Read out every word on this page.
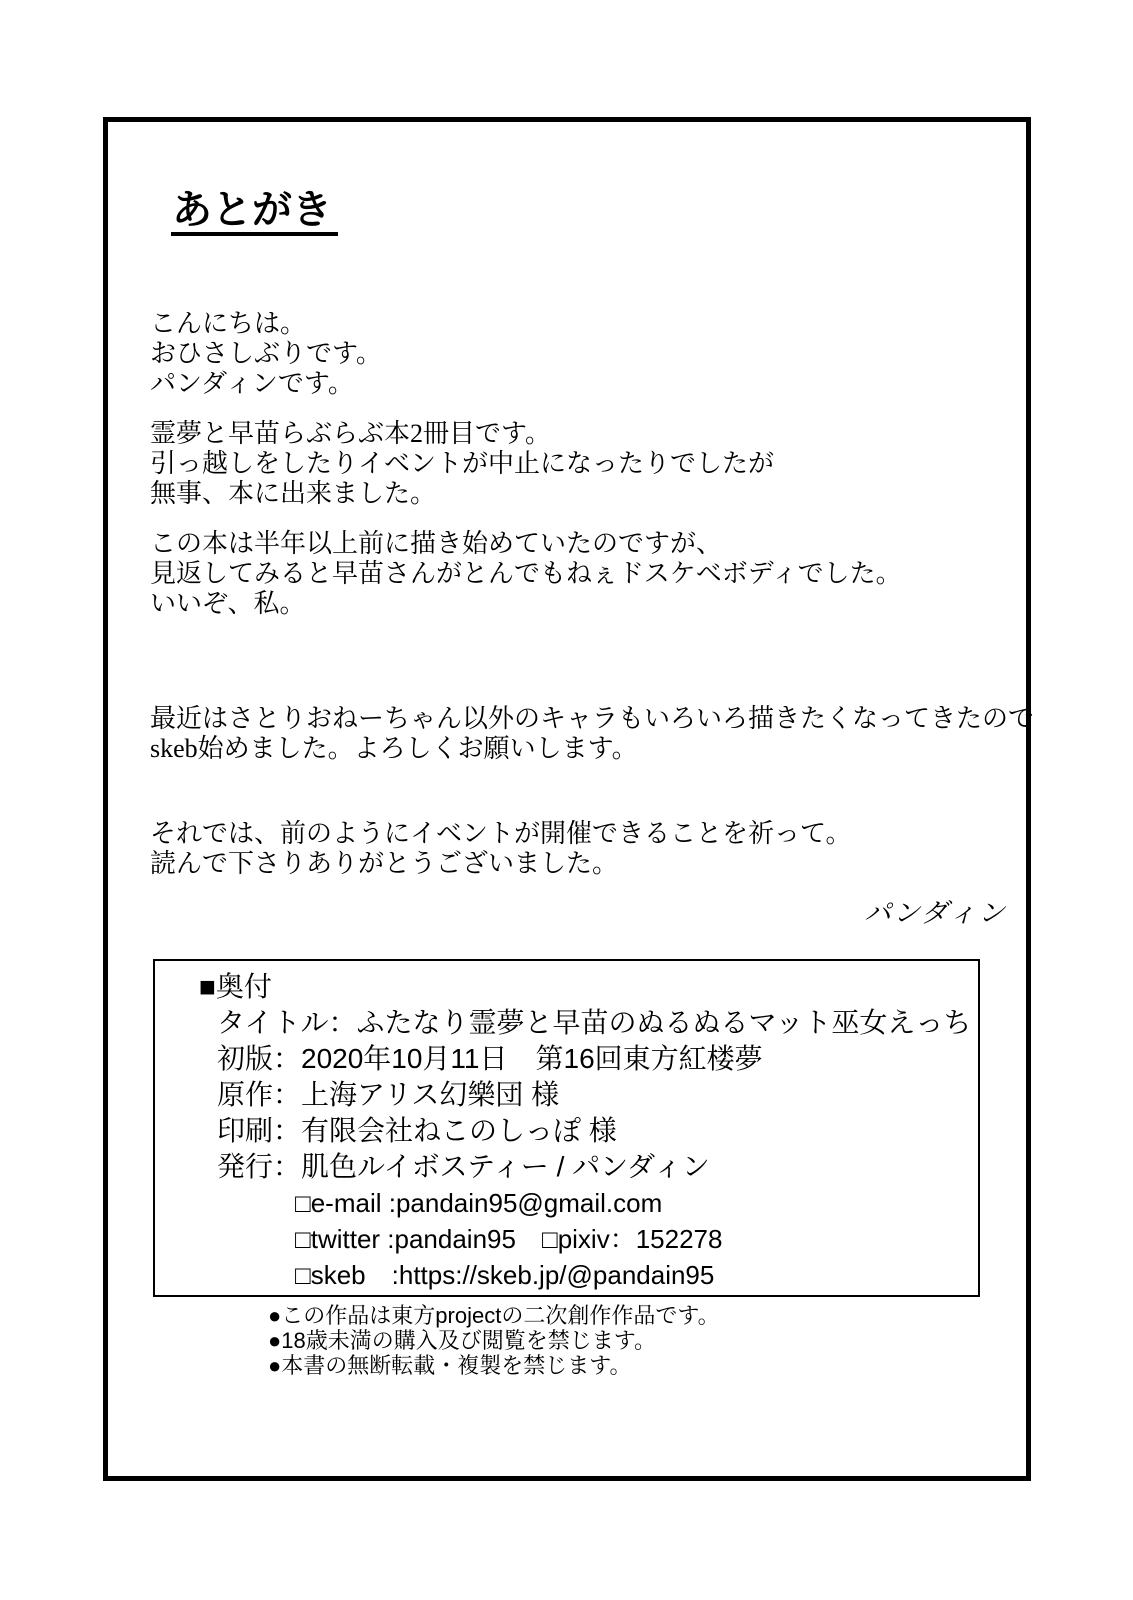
あとがき
こんにちは。
おひさしぶりです。
パンダィンです。
霊夢と早苗らぶらぶ本2冊目です。
引っ越しをしたりイベントが中止になったりでしたが
無事、本に出来ました。
この本は半年以上前に描き始めていたのですが、
見返してみると早苗さんがとんでもねぇドスケベボディでした。
いいぞ、私。
最近はさとりおねーちゃん以外のキャラもいろいろ描きたくなってきたので
skeb始めました。よろしくお願いします。
それでは、前のようにイベントが開催できることを祈って。
読んで下さりありがとうございました。
パンダィン
■奥付
タイトル：ふたなり霊夢と早苗のぬるぬるマット巫女えっち
初版：2020年10月11日　第16回東方紅楼夢
原作：上海アリス幻樂団 様
印刷：有限会社ねこのしっぽ 様
発行：肌色ルイボスティー / パンダィン
□e-mail :pandain95@gmail.com
□twitter :pandain95 □pixiv：152278
□skeb　:https://skeb.jp/@pandain95
●この作品は東方projectの二次創作作品です。
●18歳未満の購入及び閲覧を禁じます。
●本書の無断転載・複製を禁じます。
